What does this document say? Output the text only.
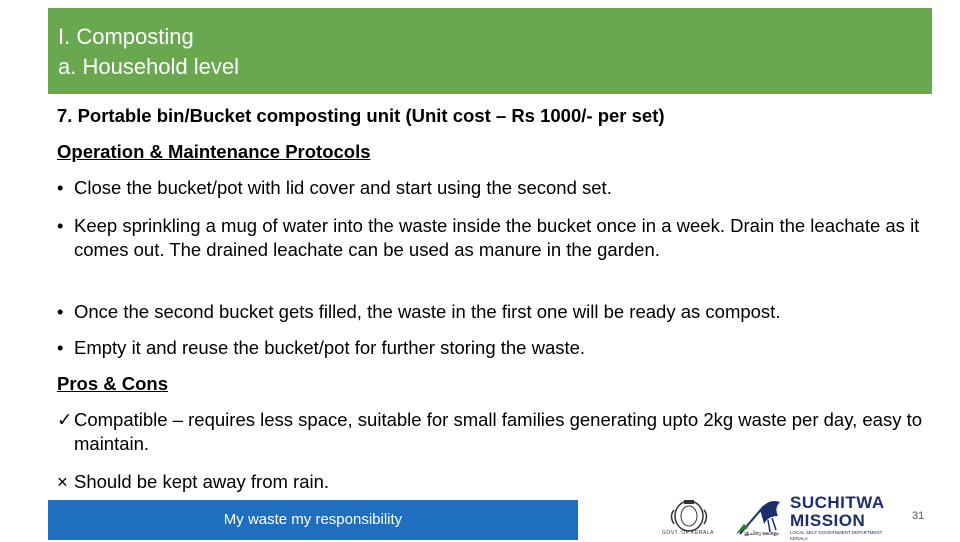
I. Composting
a. Household level
7. Portable bin/Bucket composting unit (Unit cost – Rs 1000/- per set)
Operation & Maintenance Protocols
• Close the bucket/pot with lid cover and start using the second set.
• Keep sprinkling a mug of water into the waste inside the bucket once in a week. Drain the leachate as it comes out. The drained leachate can be used as manure in the garden.
• Once the second bucket gets filled, the waste in the first one will be ready as compost.
• Empty it and reuse the bucket/pot for further storing the waste.
Pros & Cons
✓Compatible – requires less space, suitable for small families generating upto 2kg waste per day, easy to maintain.
× Should be kept away from rain.
My waste my responsibility
GOVT. OF KERALA	ശുചിത്വ കേരളം
SUCHITWA
MISSION
LOCAL SELF GOVERNMENT DEPARTMENT KERALA
31
